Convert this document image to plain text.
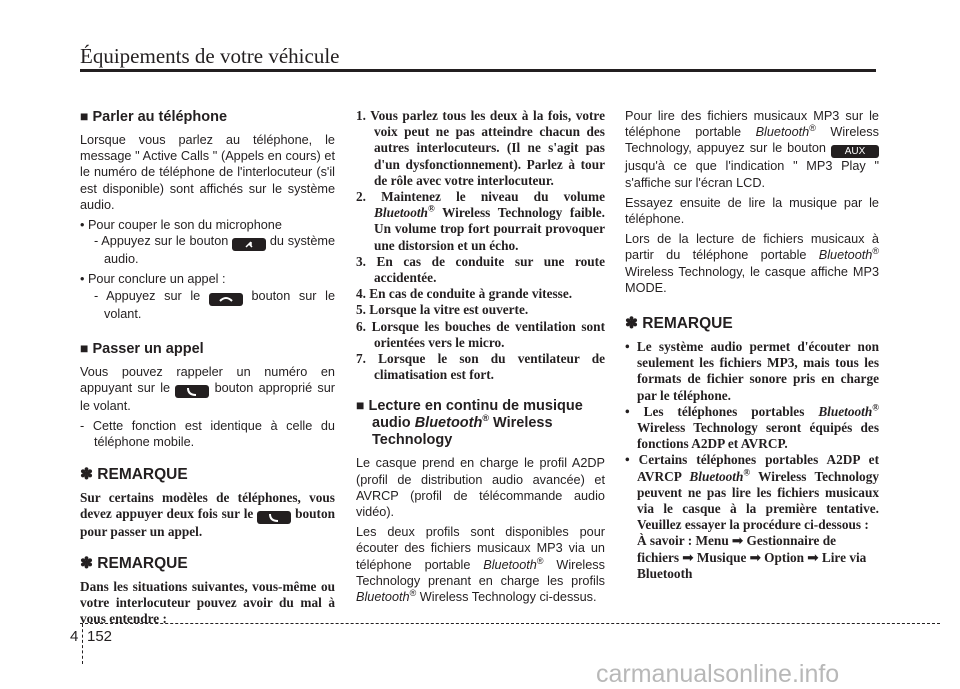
Équipements de votre véhicule
■ Parler au téléphone

Lorsque vous parlez au téléphone, le message " Active Calls " (Appels en cours) et le numéro de téléphone de l'interlocuteur (s'il est disponible) sont affichés sur le système audio.

• Pour couper le son du microphone

- Appuyez sur le bouton	du système audio.

• Pour conclure un appel :

- Appuyez sur le	bouton sur le volant.

■ Passer un appel

Vous pouvez rappeler un numéro en appuyant sur le	bouton approprié sur le volant.

- Cette fonction est identique à celle du téléphone mobile.

✽ REMARQUE

Sur certains modèles de téléphones, vous devez appuyer deux fois sur le	bouton pour passer un appel.

✽ REMARQUE

Dans les situations suivantes, vous-même ou votre interlocuteur pouvez avoir du mal à vous entendre :

1. Vous parlez tous les deux à la fois, votre voix peut ne pas atteindre chacun des autres interlocuteurs. (Il ne s'agit pas d'un dysfonctionnement). Parlez à tour de rôle avec votre interlocuteur.
2. Maintenez le niveau du volume Bluetooth® Wireless Technology faible. Un volume trop fort pourrait provoquer une distorsion et un écho.
3. En cas de conduite sur une route accidentée.
4. En cas de conduite à grande vitesse.
5. Lorsque la vitre est ouverte.
6. Lorsque les bouches de ventilation sont orientées vers le micro.
7. Lorsque le son du ventilateur de climatisation est fort.
■ Lecture en continu de musique audio Bluetooth® Wireless Technology

Le casque prend en charge le profil A2DP (profil de distribution audio avancée) et AVRCP (profil de télécommande audio vidéo).

Les deux profils sont disponibles pour écouter des fichiers musicaux MP3 via un téléphone portable Bluetooth® Wireless Technology prenant en charge les profils Bluetooth® Wireless Technology ci-dessus.

Pour lire des fichiers musicaux MP3 sur le téléphone portable Bluetooth® Wireless Technology, appuyez sur le bouton AUX jusqu'à ce que l'indication " MP3 Play " s'affiche sur l'écran LCD.

Essayez ensuite de lire la musique par le téléphone.

Lors de la lecture de fichiers musicaux à partir du téléphone portable Bluetooth® Wireless Technology, le casque affiche MP3 MODE.

✽ REMARQUE
• Le système audio permet d'écouter non seulement les fichiers MP3, mais tous les formats de fichier sonore pris en charge par le téléphone.
• Les téléphones portables Bluetooth® Wireless Technology seront équipés des fonctions A2DP et AVRCP.
• Certains téléphones portables A2DP et AVRCP Bluetooth® Wireless Technology peuvent ne pas lire les fichiers musicaux via le casque à la première tentative. Veuillez essayer la procédure ci-dessous :

À savoir : Menu ➟ Gestionnaire de fichiers ➟ Musique ➟ Option ➟ Lire via Bluetooth

4 152
carmanualsonline.info
